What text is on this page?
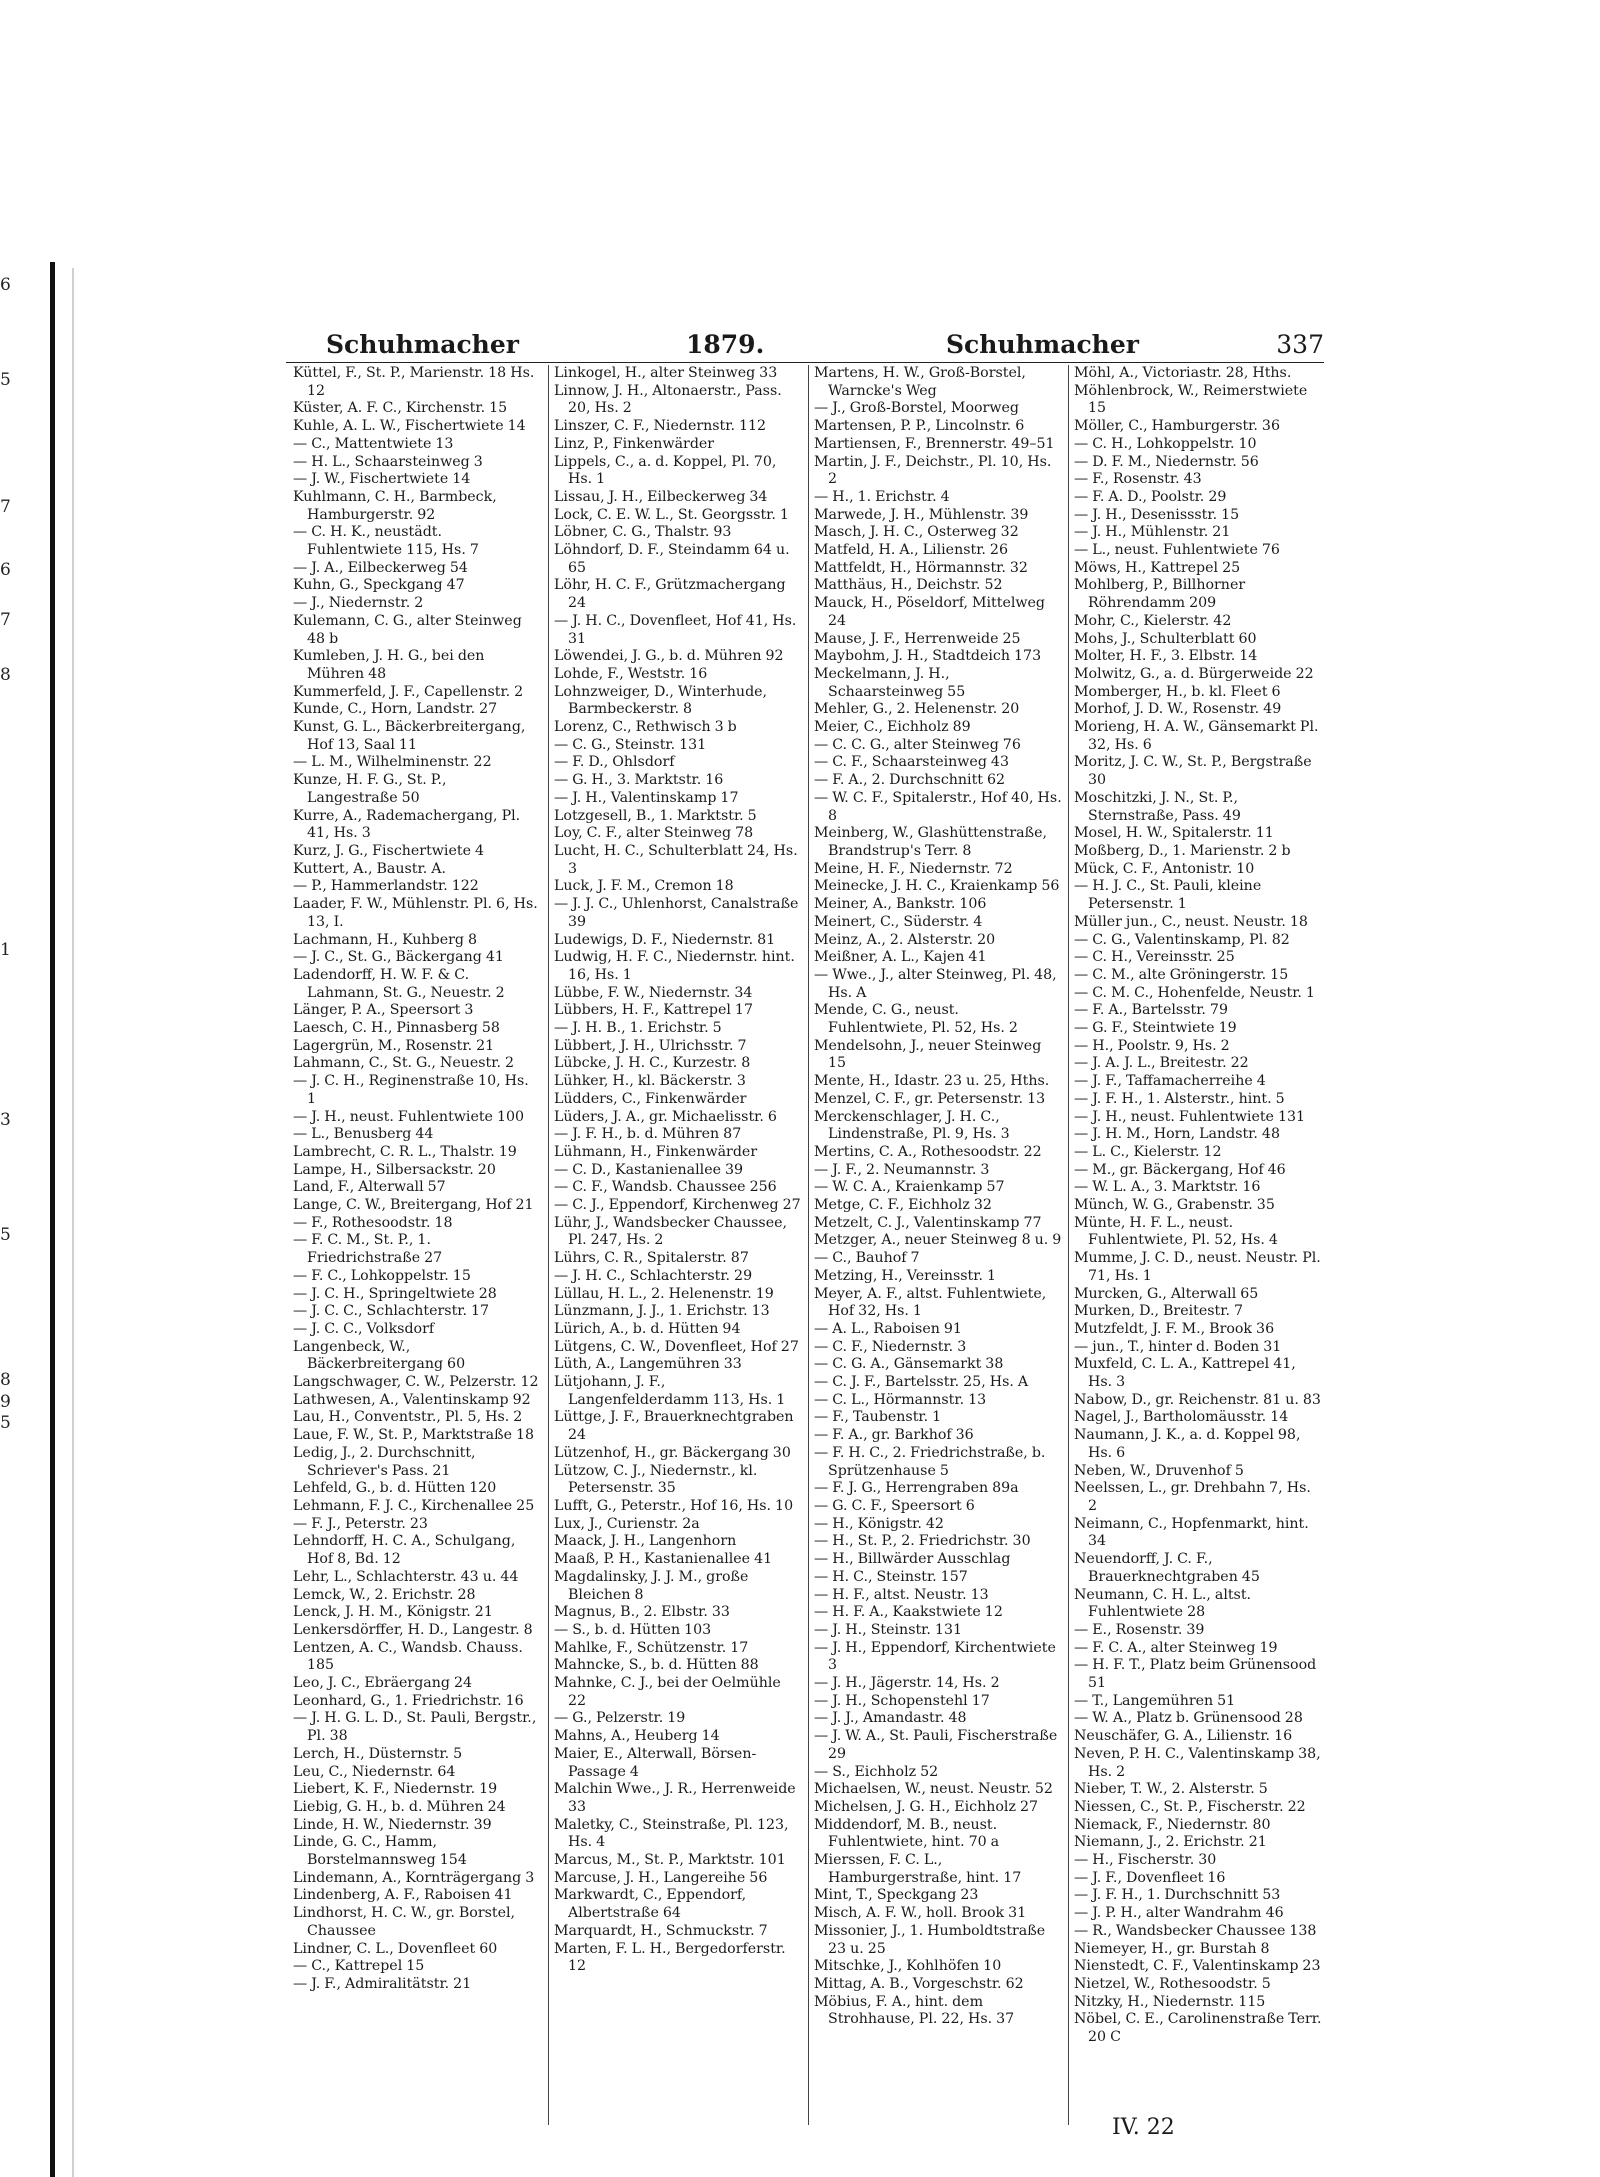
6
5
7
6
7
8
1
3
5
8
9
5
Schuhmacher	1879.	Schuhmacher	337
Küttel, F., St. P., Marienstr. 18 Hs. 12
Küster, A. F. C., Kirchenstr. 15
Kuhle, A. L. W., Fischertwiete 14
— C., Mattentwiete 13
— H. L., Schaarsteinweg 3
— J. W., Fischertwiete 14
Kuhlmann, C. H., Barmbeck, Hamburgerstr. 92
— C. H. K., neustädt. Fuhlentwiete 115, Hs. 7
— J. A., Eilbeckerweg 54
Kuhn, G., Speckgang 47
— J., Niedernstr. 2
Kulemann, C. G., alter Steinweg 48 b
Kumleben, J. H. G., bei den Mühren 48
Kummerfeld, J. F., Capellenstr. 2
Kunde, C., Horn, Landstr. 27
Kunst, G. L., Bäckerbreitergang, Hof 13, Saal 11
— L. M., Wilhelminenstr. 22
Kunze, H. F. G., St. P., Langestraße 50
Kurre, A., Rademachergang, Pl. 41, Hs. 3
Kurz, J. G., Fischertwiete 4
Kuttert, A., Baustr. A.
— P., Hammerlandstr. 122
Laader, F. W., Mühlenstr. Pl. 6, Hs. 13, I.
Lachmann, H., Kuhberg 8
— J. C., St. G., Bäckergang 41
Ladendorff, H. W. F. & C. Lahmann, St. G., Neuestr. 2
Länger, P. A., Speersort 3
Laesch, C. H., Pinnasberg 58
Lagergrün, M., Rosenstr. 21
Lahmann, C., St. G., Neuestr. 2
— J. C. H., Reginenstraße 10, Hs. 1
— J. H., neust. Fuhlentwiete 100
— L., Benusberg 44
Lambrecht, C. R. L., Thalstr. 19
Lampe, H., Silbersackstr. 20
Land, F., Alterwall 57
Lange, C. W., Breitergang, Hof 21
— F., Rothesoodstr. 18
— F. C. M., St. P., 1. Friedrichstraße 27
— F. C., Lohkoppelstr. 15
— J. C. H., Springeltwiete 28
— J. C. C., Schlachterstr. 17
— J. C. C., Volksdorf
Langenbeck, W., Bäckerbreitergang 60
Langschwager, C. W., Pelzerstr. 12
Lathwesen, A., Valentinskamp 92
Lau, H., Conventstr., Pl. 5, Hs. 2
Laue, F. W., St. P., Marktstraße 18
Ledig, J., 2. Durchschnitt, Schriever's Pass. 21
Lehfeld, G., b. d. Hütten 120
Lehmann, F. J. C., Kirchenallee 25
— F. J., Peterstr. 23
Lehndorff, H. C. A., Schulgang, Hof 8, Bd. 12
Lehr, L., Schlachterstr. 43 u. 44
Lemck, W., 2. Erichstr. 28
Lenck, J. H. M., Königstr. 21
Lenkersdörffer, H. D., Langestr. 8
Lentzen, A. C., Wandsb. Chauss. 185
Leo, J. C., Ebräergang 24
Leonhard, G., 1. Friedrichstr. 16
— J. H. G. L. D., St. Pauli, Bergstr., Pl. 38
Lerch, H., Düsternstr. 5
Leu, C., Niedernstr. 64
Liebert, K. F., Niedernstr. 19
Liebig, G. H., b. d. Mühren 24
Linde, H. W., Niedernstr. 39
Linde, G. C., Hamm, Borstelmannsweg 154
Lindemann, A., Kornträgergang 3
Lindenberg, A. F., Raboisen 41
Lindhorst, H. C. W., gr. Borstel, Chaussee
Lindner, C. L., Dovenfleet 60
— C., Kattrepel 15
— J. F., Admiralitätstr. 21
Linkogel, H., alter Steinweg 33
Linnow, J. H., Altonaerstr., Pass. 20, Hs. 2
Linszer, C. F., Niedernstr. 112
Linz, P., Finkenwärder
Lippels, C., a. d. Koppel, Pl. 70, Hs. 1
Lissau, J. H., Eilbeckerweg 34
Lock, C. E. W. L., St. Georgsstr. 1
Löbner, C. G., Thalstr. 93
Löhndorf, D. F., Steindamm 64 u. 65
Löhr, H. C. F., Grützmachergang 24
— J. H. C., Dovenfleet, Hof 41, Hs. 31
Löwendei, J. G., b. d. Mühren 92
Lohde, F., Weststr. 16
Lohnzweiger, D., Winterhude, Barmbeckerstr. 8
Lorenz, C., Rethwisch 3 b
— C. G., Steinstr. 131
— F. D., Ohlsdorf
— G. H., 3. Marktstr. 16
— J. H., Valentinskamp 17
Lotzgesell, B., 1. Marktstr. 5
Loy, C. F., alter Steinweg 78
Lucht, H. C., Schulterblatt 24, Hs. 3
Luck, J. F. M., Cremon 18
— J. J. C., Uhlenhorst, Canalstraße 39
Ludewigs, D. F., Niedernstr. 81
Ludwig, H. F. C., Niedernstr. hint. 16, Hs. 1
Lübbe, F. W., Niedernstr. 34
Lübbers, H. F., Kattrepel 17
— J. H. B., 1. Erichstr. 5
Lübbert, J. H., Ulrichsstr. 7
Lübcke, J. H. C., Kurzestr. 8
Lühker, H., kl. Bäckerstr. 3
Lüdders, C., Finkenwärder
Lüders, J. A., gr. Michaelisstr. 6
— J. F. H., b. d. Mühren 87
Lühmann, H., Finkenwärder
— C. D., Kastanienallee 39
— C. F., Wandsb. Chaussee 256
— C. J., Eppendorf, Kirchenweg 27
Lühr, J., Wandsbecker Chaussee, Pl. 247, Hs. 2
Lührs, C. R., Spitalerstr. 87
— J. H. C., Schlachterstr. 29
Lüllau, H. L., 2. Helenenstr. 19
Lünzmann, J. J., 1. Erichstr. 13
Lürich, A., b. d. Hütten 94
Lütgens, C. W., Dovenfleet, Hof 27
Lüth, A., Langemühren 33
Lütjohann, J. F., Langenfelderdamm 113, Hs. 1
Lüttge, J. F., Brauerknechtgraben 24
Lützenhof, H., gr. Bäckergang 30
Lützow, C. J., Niedernstr., kl. Petersenstr. 35
Lufft, G., Peterstr., Hof 16, Hs. 10
Lux, J., Curienstr. 2a
Maack, J. H., Langenhorn
Maaß, P. H., Kastanienallee 41
Magdalinsky, J. J. M., große Bleichen 8
Magnus, B., 2. Elbstr. 33
— S., b. d. Hütten 103
Mahlke, F., Schützenstr. 17
Mahncke, S., b. d. Hütten 88
Mahnke, C. J., bei der Oelmühle 22
— G., Pelzerstr. 19
Mahns, A., Heuberg 14
Maier, E., Alterwall, Börsen-Passage 4
Malchin Wwe., J. R., Herrenweide 33
Maletky, C., Steinstraße, Pl. 123, Hs. 4
Marcus, M., St. P., Marktstr. 101
Marcuse, J. H., Langereihe 56
Markwardt, C., Eppendorf, Albertstraße 64
Marquardt, H., Schmuckstr. 7
Marten, F. L. H., Bergedorferstr. 12
Martens, H. W., Groß-Borstel, Warncke's Weg
— J., Groß-Borstel, Moorweg
Martensen, P. P., Lincolnstr. 6
Martiensen, F., Brennerstr. 49–51
Martin, J. F., Deichstr., Pl. 10, Hs. 2
— H., 1. Erichstr. 4
Marwede, J. H., Mühlenstr. 39
Masch, J. H. C., Osterweg 32
Matfeld, H. A., Lilienstr. 26
Mattfeldt, H., Hörmannstr. 32
Matthäus, H., Deichstr. 52
Mauck, H., Pöseldorf, Mittelweg 24
Mause, J. F., Herrenweide 25
Maybohm, J. H., Stadtdeich 173
Meckelmann, J. H., Schaarsteinweg 55
Mehler, G., 2. Helenenstr. 20
Meier, C., Eichholz 89
— C. C. G., alter Steinweg 76
— C. F., Schaarsteinweg 43
— F. A., 2. Durchschnitt 62
— W. C. F., Spitalerstr., Hof 40, Hs. 8
Meinberg, W., Glashüttenstraße, Brandstrup's Terr. 8
Meine, H. F., Niedernstr. 72
Meinecke, J. H. C., Kraienkamp 56
Meiner, A., Bankstr. 106
Meinert, C., Süderstr. 4
Meinz, A., 2. Alsterstr. 20
Meißner, A. L., Kajen 41
— Wwe., J., alter Steinweg, Pl. 48, Hs. A
Mende, C. G., neust. Fuhlentwiete, Pl. 52, Hs. 2
Mendelsohn, J., neuer Steinweg 15
Mente, H., Idastr. 23 u. 25, Hths.
Menzel, C. F., gr. Petersenstr. 13
Merckenschlager, J. H. C., Lindenstraße, Pl. 9, Hs. 3
Mertins, C. A., Rothesoodstr. 22
— J. F., 2. Neumannstr. 3
— W. C. A., Kraienkamp 57
Metge, C. F., Eichholz 32
Metzelt, C. J., Valentinskamp 77
Metzger, A., neuer Steinweg 8 u. 9
— C., Bauhof 7
Metzing, H., Vereinsstr. 1
Meyer, A. F., altst. Fuhlentwiete, Hof 32, Hs. 1
— A. L., Raboisen 91
— C. F., Niedernstr. 3
— C. G. A., Gänsemarkt 38
— C. J. F., Bartelsstr. 25, Hs. A
— C. L., Hörmannstr. 13
— F., Taubenstr. 1
— F. A., gr. Barkhof 36
— F. H. C., 2. Friedrichstraße, b. Sprützenhause 5
— F. J. G., Herrengraben 89a
— G. C. F., Speersort 6
— H., Königstr. 42
— H., St. P., 2. Friedrichstr. 30
— H., Billwärder Ausschlag
— H. C., Steinstr. 157
— H. F., altst. Neustr. 13
— H. F. A., Kaakstwiete 12
— J. H., Steinstr. 131
— J. H., Eppendorf, Kirchentwiete 3
— J. H., Jägerstr. 14, Hs. 2
— J. H., Schopenstehl 17
— J. J., Amandastr. 48
— J. W. A., St. Pauli, Fischerstraße 29
— S., Eichholz 52
Michaelsen, W., neust. Neustr. 52
Michelsen, J. G. H., Eichholz 27
Middendorf, M. B., neust. Fuhlentwiete, hint. 70 a
Mierssen, F. C. L., Hamburgerstraße, hint. 17
Mint, T., Speckgang 23
Misch, A. F. W., holl. Brook 31
Missonier, J., 1. Humboldtstraße 23 u. 25
Mitschke, J., Kohlhöfen 10
Mittag, A. B., Vorgeschstr. 62
Möbius, F. A., hint. dem Strohhause, Pl. 22, Hs. 37
Möhl, A., Victoriastr. 28, Hths.
Möhlenbrock, W., Reimerstwiete 15
Möller, C., Hamburgerstr. 36
— C. H., Lohkoppelstr. 10
— D. F. M., Niedernstr. 56
— F., Rosenstr. 43
— F. A. D., Poolstr. 29
— J. H., Desenissstr. 15
— J. H., Mühlenstr. 21
— L., neust. Fuhlentwiete 76
Möws, H., Kattrepel 25
Mohlberg, P., Billhorner Röhrendamm 209
Mohr, C., Kielerstr. 42
Mohs, J., Schulterblatt 60
Molter, H. F., 3. Elbstr. 14
Molwitz, G., a. d. Bürgerweide 22
Momberger, H., b. kl. Fleet 6
Morhof, J. D. W., Rosenstr. 49
Morieng, H. A. W., Gänsemarkt Pl. 32, Hs. 6
Moritz, J. C. W., St. P., Bergstraße 30
Moschitzki, J. N., St. P., Sternstraße, Pass. 49
Mosel, H. W., Spitalerstr. 11
Moßberg, D., 1. Marienstr. 2 b
Mück, C. F., Antonistr. 10
— H. J. C., St. Pauli, kleine Petersenstr. 1
Müller jun., C., neust. Neustr. 18
— C. G., Valentinskamp, Pl. 82
— C. H., Vereinsstr. 25
— C. M., alte Gröningerstr. 15
— C. M. C., Hohenfelde, Neustr. 1
— F. A., Bartelsstr. 79
— G. F., Steintwiete 19
— H., Poolstr. 9, Hs. 2
— J. A. J. L., Breitestr. 22
— J. F., Taffamacherreihe 4
— J. F. H., 1. Alsterstr., hint. 5
— J. H., neust. Fuhlentwiete 131
— J. H. M., Horn, Landstr. 48
— L. C., Kielerstr. 12
— M., gr. Bäckergang, Hof 46
— W. L. A., 3. Marktstr. 16
Münch, W. G., Grabenstr. 35
Münte, H. F. L., neust. Fuhlentwiete, Pl. 52, Hs. 4
Mumme, J. C. D., neust. Neustr. Pl. 71, Hs. 1
Murcken, G., Alterwall 65
Murken, D., Breitestr. 7
Mutzfeldt, J. F. M., Brook 36
— jun., T., hinter d. Boden 31
Muxfeld, C. L. A., Kattrepel 41, Hs. 3
Nabow, D., gr. Reichenstr. 81 u. 83
Nagel, J., Bartholomäusstr. 14
Naumann, J. K., a. d. Koppel 98, Hs. 6
Neben, W., Druvenhof 5
Neelssen, L., gr. Drehbahn 7, Hs. 2
Neimann, C., Hopfenmarkt, hint. 34
Neuendorff, J. C. F., Brauerknechtgraben 45
Neumann, C. H. L., altst. Fuhlentwiete 28
— E., Rosenstr. 39
— F. C. A., alter Steinweg 19
— H. F. T., Platz beim Grünensood 51
— T., Langemühren 51
— W. A., Platz b. Grünensood 28
Neuschäfer, G. A., Lilienstr. 16
Neven, P. H. C., Valentinskamp 38, Hs. 2
Nieber, T. W., 2. Alsterstr. 5
Niessen, C., St. P., Fischerstr. 22
Niemack, F., Niedernstr. 80
Niemann, J., 2. Erichstr. 21
— H., Fischerstr. 30
— J. F., Dovenfleet 16
— J. F. H., 1. Durchschnitt 53
— J. P. H., alter Wandrahm 46
— R., Wandsbecker Chaussee 138
Niemeyer, H., gr. Burstah 8
Nienstedt, C. F., Valentinskamp 23
Nietzel, W., Rothesoodstr. 5
Nitzky, H., Niedernstr. 115
Nöbel, C. E., Carolinenstraße Terr. 20 C
IV. 22
